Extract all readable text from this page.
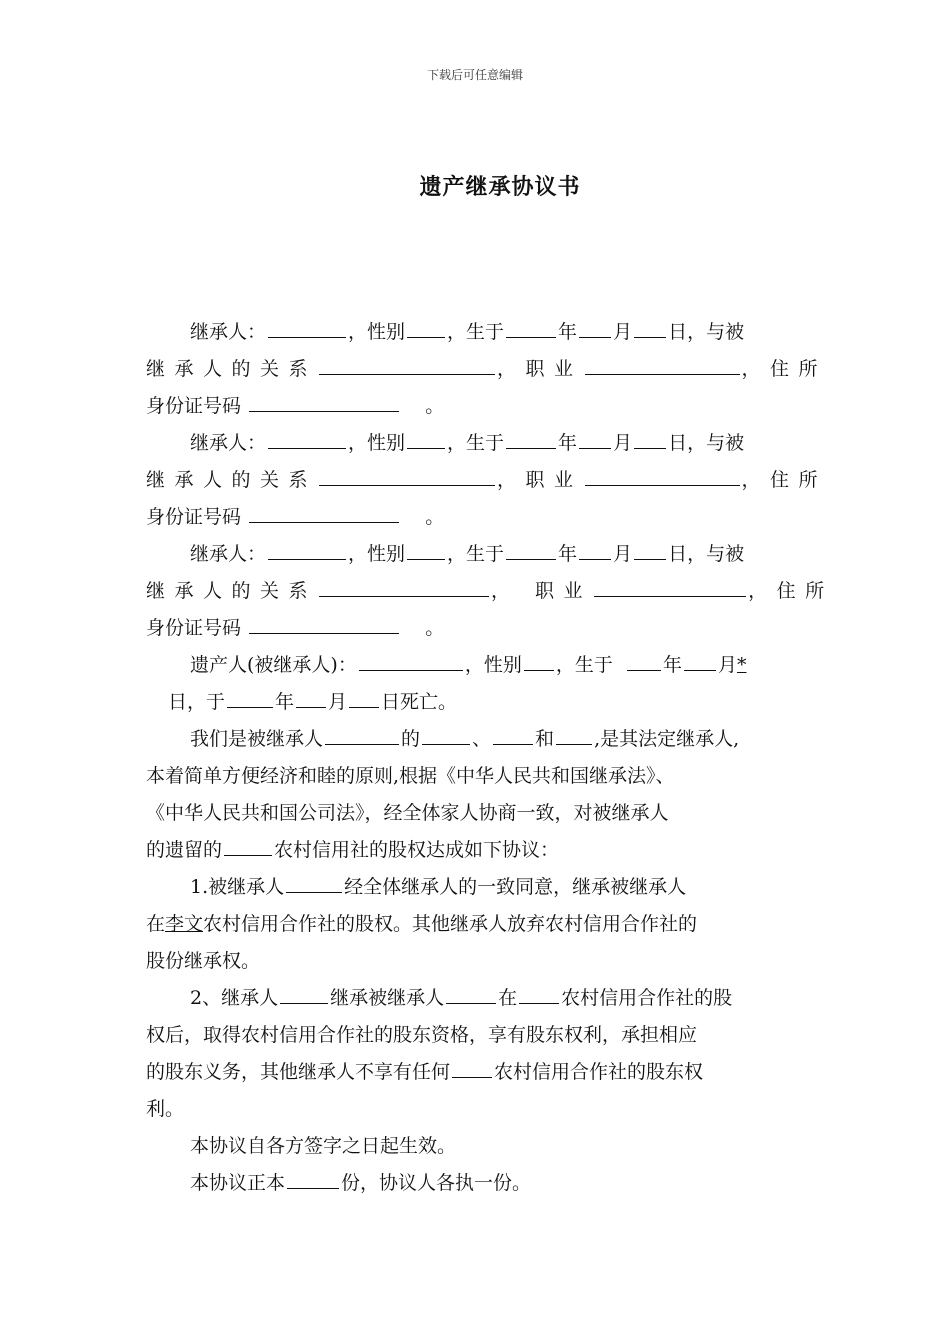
下载后可任意编辑
遗产继承协议书
继承人：	，性别 ，生于	年 月 日，与被
继承人的关系	，职业	，住所
身份证号码	。
继承人：	，性别 ，生于	年 月 日，与被
继承人的关系	，职业	，住所
身份证号码	。
继承人：	，性别 ，生于	年 月 日，与被
继承人的关系	， 职业	，住所
身份证号码	。
遗产人(被继承人)：	，性别 ，生于	年 月*
日，于	年 月 日死亡。
我们是被继承人	的	、 和 ,是其法定继承人,
本着简单方便经济和睦的原则,根据《中华人民共和国继承法》、
《中华人民共和国公司法》，经全体家人协商一致，对被继承人
的遗留的	农村信用社的股权达成如下协议：
1.被继承人	经全体继承人的一致同意，继承被继承人
在李文农村信用合作社的股权。其他继承人放弃农村信用合作社的
股份继承权。
2、继承人	继承被继承人	在 农村信用合作社的股
权后，取得农村信用合作社的股东资格，享有股东权利，承担相应
的股东义务，其他继承人不享有任何 农村信用合作社的股东权
利。
本协议自各方签字之日起生效。
本协议正本	份，协议人各执一份。
